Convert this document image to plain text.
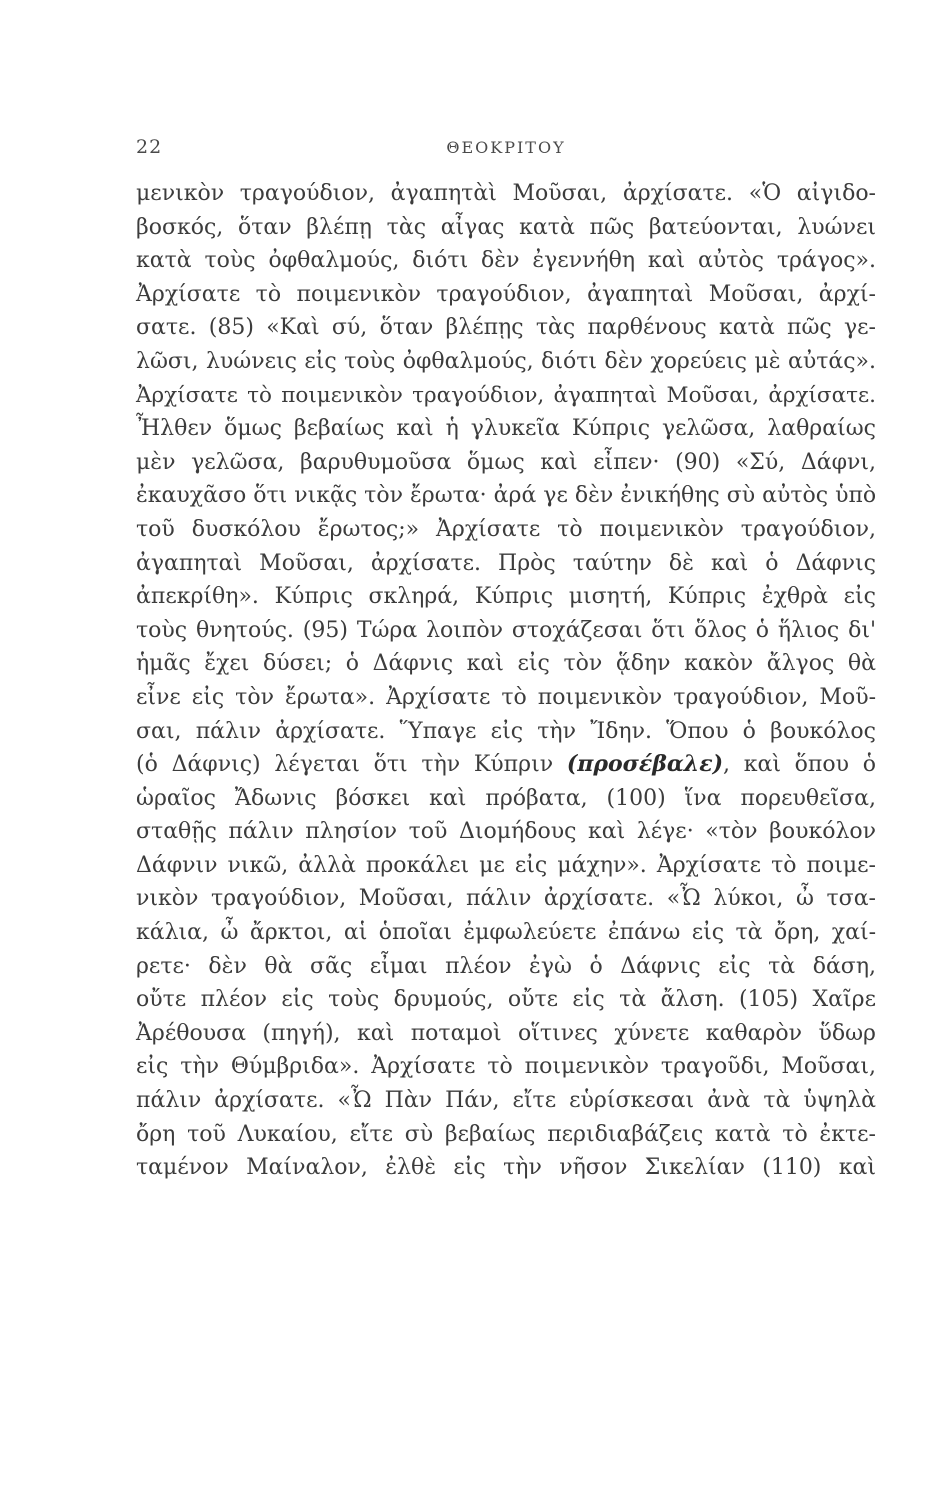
22	ΘΕΟΚΡΙΤΟΥ
μενικὸν τραγούδιον, ἀγαπητὰὶ Μοῦσαι, ἀρχίσατε. «Ὁ αἰγιδο-
βοσκός, ὅταν βλέπῃ τὰς αἶγας κατὰ πῶς βατεύονται, λυώνει
κατὰ τοὺς ὀφθαλμούς, διότι δὲν ἐγεννήθη καὶ αὐτὸς τράγος».
Ἀρχίσατε τὸ ποιμενικὸν τραγούδιον, ἀγαπηταὶ Μοῦσαι, ἀρχί-
σατε. (85) «Καὶ σύ, ὅταν βλέπῃς τὰς παρθένους κατὰ πῶς γε-
λῶσι, λυώνεις εἰς τοὺς ὀφθαλμούς, διότι δὲν χορεύεις μὲ αὐτάς».
Ἀρχίσατε τὸ ποιμενικὸν τραγούδιον, ἀγαπηταὶ Μοῦσαι, ἀρχίσατε.
Ἦλθεν ὅμως βεβαίως καὶ ἡ γλυκεῖα Κύπρις γελῶσα, λαθραίως
μὲν γελῶσα, βαρυθυμοῦσα ὅμως καὶ εἶπεν· (90) «Σύ, Δάφνι,
ἐκαυχᾶσο ὅτι νικᾷς τὸν ἔρωτα· ἀρά γε δὲν ἐνικήθης σὺ αὐτὸς ὑπὸ
τοῦ δυσκόλου ἔρωτος;» Ἀρχίσατε τὸ ποιμενικὸν τραγούδιον,
ἀγαπηταὶ Μοῦσαι, ἀρχίσατε. Πρὸς ταύτην δὲ καὶ ὁ Δάφνις
ἀπεκρίθη». Κύπρις σκληρά, Κύπρις μισητή, Κύπρις ἐχθρὰ εἰς
τοὺς θνητούς. (95) Τώρα λοιπὸν στοχάζεσαι ὅτι ὅλος ὁ ἥλιος δι'
ἡμᾶς ἔχει δύσει; ὁ Δάφνις καὶ εἰς τὸν ᾅδην κακὸν ἄλγος θὰ
εἶνε εἰς τὸν ἔρωτα». Ἀρχίσατε τὸ ποιμενικὸν τραγούδιον, Μοῦ-
σαι, πάλιν ἀρχίσατε. Ὕπαγε εἰς τὴν Ἴδην. Ὅπου ὁ βουκόλος
(ὁ Δάφνις) λέγεται ὅτι τὴν Κύπριν (προσέβαλε), καὶ ὅπου ὁ
ὡραῖος Ἄδωνις βόσκει καὶ πρόβατα, (100) ἵνα πορευθεῖσα,
σταθῇς πάλιν πλησίον τοῦ Διομήδους καὶ λέγε· «τὸν βουκόλον
Δάφνιν νικῶ, ἀλλὰ προκάλει με εἰς μάχην». Ἀρχίσατε τὸ ποιμε-
νικὸν τραγούδιον, Μοῦσαι, πάλιν ἀρχίσατε. «Ὦ λύκοι, ὦ τσα-
κάλια, ὦ ἄρκτοι, αἱ ὁποῖαι ἐμφωλεύετε ἐπάνω εἰς τὰ ὄρη, χαί-
ρετε· δὲν θὰ σᾶς εἶμαι πλέον ἐγὼ ὁ Δάφνις εἰς τὰ δάση,
οὔτε πλέον εἰς τοὺς δρυμούς, οὔτε εἰς τὰ ἄλση. (105) Χαῖρε
Ἀρέθουσα (πηγή), καὶ ποταμοὶ οἵτινες χύνετε καθαρὸν ὕδωρ
εἰς τὴν Θύμβριδα». Ἀρχίσατε τὸ ποιμενικὸν τραγοῦδι, Μοῦσαι,
πάλιν ἀρχίσατε. «Ὦ Πὰν Πάν, εἴτε εὑρίσκεσαι ἀνὰ τὰ ὑψηλὰ
ὄρη τοῦ Λυκαίου, εἴτε σὺ βεβαίως περιδιαβάζεις κατὰ τὸ ἐκτε-
ταμένον Μαίναλον, ἐλθὲ εἰς τὴν νῆσον Σικελίαν (110) καὶ
